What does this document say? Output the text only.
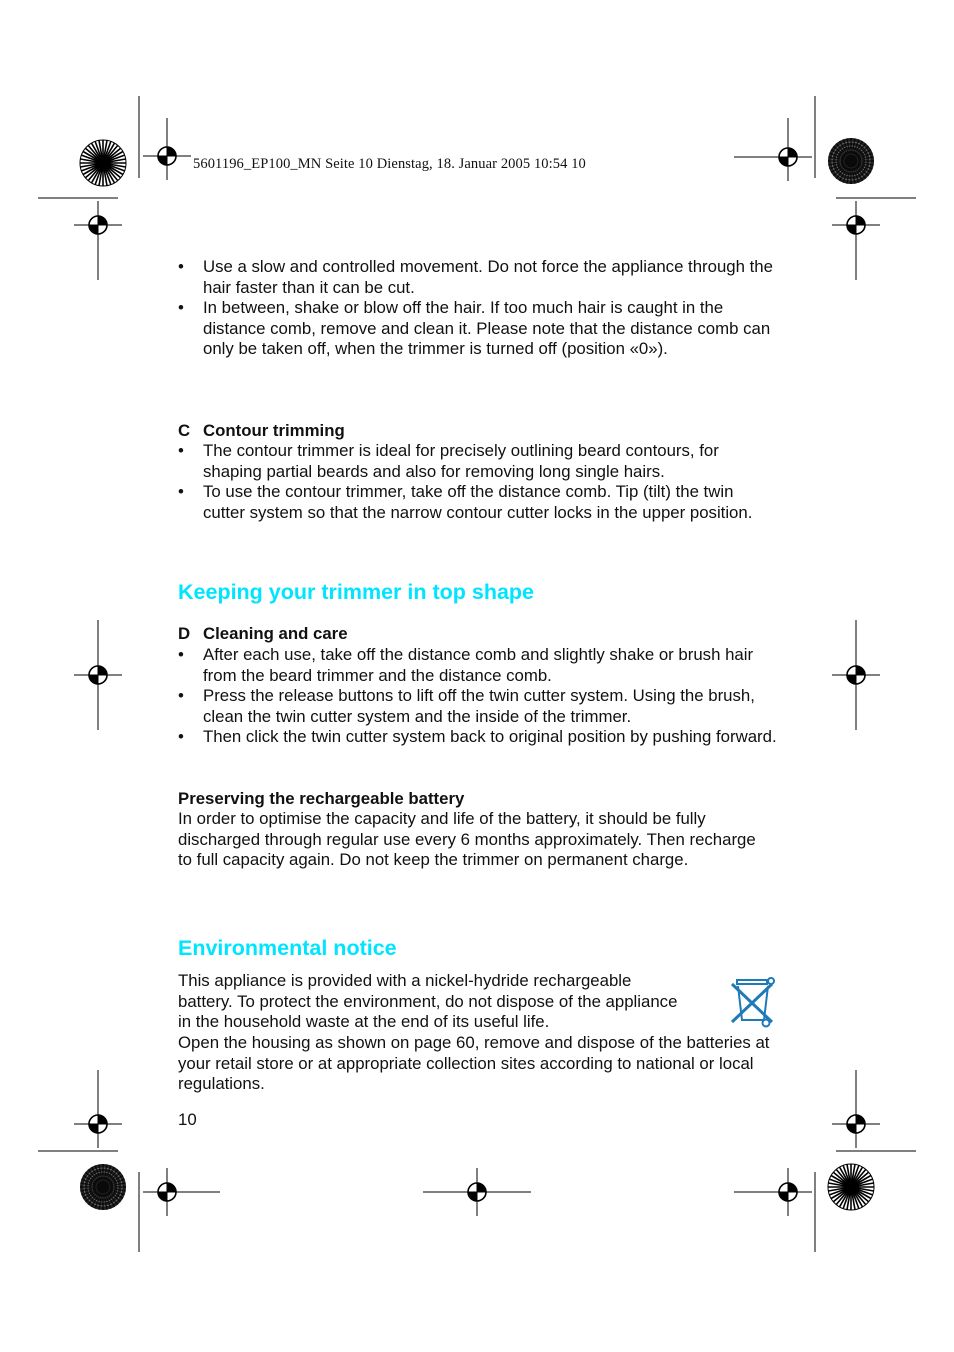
5601196_EP100_MN Seite 10 Dienstag, 18. Januar 2005 10:54 10
•	Use a slow and controlled movement. Do not force the appliance through the hair faster than it can be cut.
•	In between, shake or blow off the hair. If too much hair is caught in the distance comb, remove and clean it. Please note that the distance comb can only be taken off, when the trimmer is turned off (position «0»).
C Contour trimming
•	The contour trimmer is ideal for precisely outlining beard contours, for shaping partial beards and also for removing long single hairs.
•	To use the contour trimmer, take off the distance comb. Tip (tilt) the twin cutter system so that the narrow contour cutter locks in the upper position.
Keeping your trimmer in top shape
D Cleaning and care
•	After each use, take off the distance comb and slightly shake or brush hair from the beard trimmer and the distance comb.
•	Press the release buttons to lift off the twin cutter system. Using the brush, clean the twin cutter system and the inside of the trimmer.
•	Then click the twin cutter system back to original position by pushing forward.
Preserving the rechargeable battery
In order to optimise the capacity and life of the battery, it should be fully discharged through regular use every 6 months approximately. Then recharge to full capacity again. Do not keep the trimmer on permanent charge.
Environmental notice
This appliance is provided with a nickel-hydride rechargeable battery. To protect the environment, do not dispose of the appliance in the household waste at the end of its useful life.
Open the housing as shown on page 60, remove and dispose of the batteries at your retail store or at appropriate collection sites according to national or local regulations.
10
